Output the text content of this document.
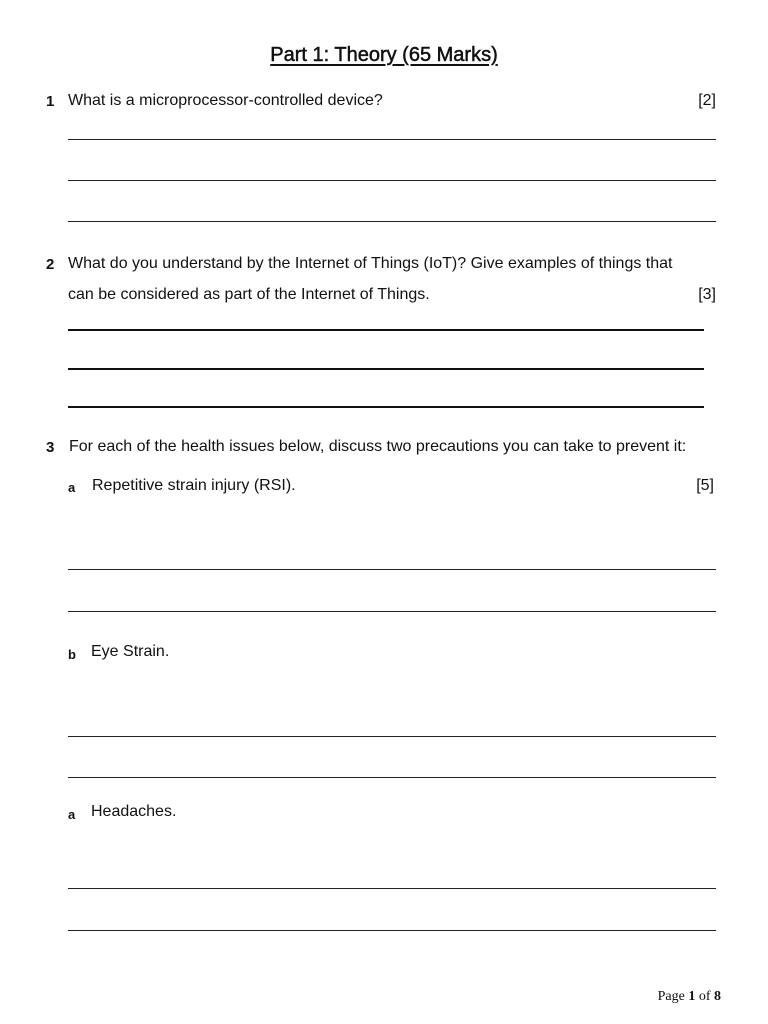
Part 1: Theory (65 Marks)
1 What is a microprocessor-controlled device?	[2]
2 What do you understand by the Internet of Things (IoT)? Give examples of things that
can be considered as part of the Internet of Things.	[3]
3 For each of the health issues below, discuss two precautions you can take to prevent it:
a Repetitive strain injury (RSI).	[5]
b Eye Strain.
a Headaches.
Page 1 of 8
